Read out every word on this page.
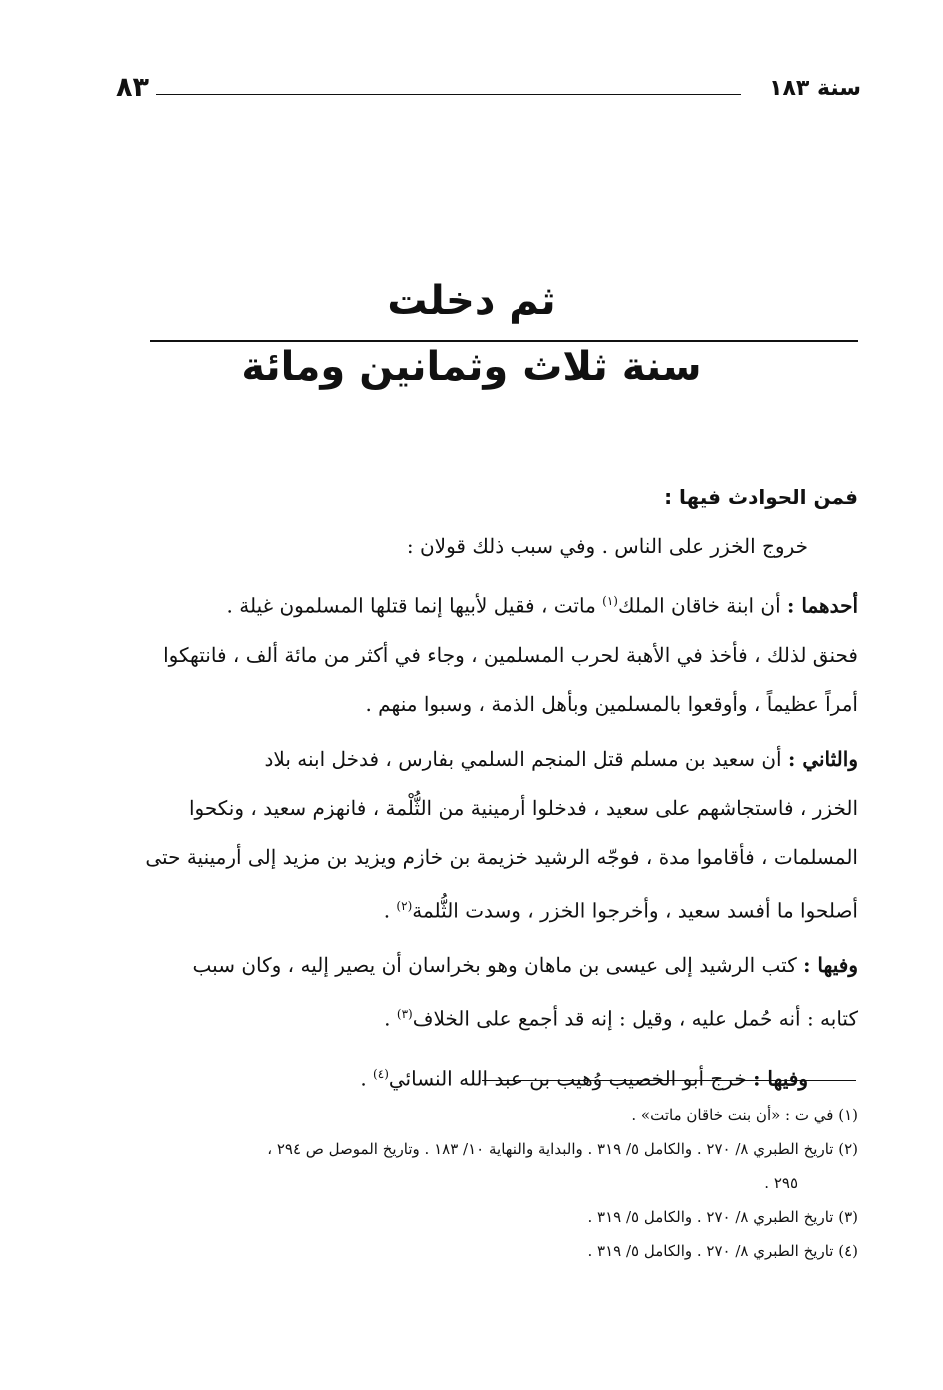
٨٣	سنة ١٨٣
ثم دخلت
سنة ثلاث وثمانين ومائة
فمن الحوادث فيها :

خروج الخزر على الناس . وفي سبب ذلك قولان :

أحدهما : أن ابنة خاقان الملك$^{(١)}$ ماتت ، فقيل لأبيها إنما قتلها المسلمون غيلة .

فحنق لذلك ، فأخذ في الأهبة لحرب المسلمين ، وجاء في أكثر من مائة ألف ، فانتهكوا

أمراً عظيماً ، وأوقعوا بالمسلمين وبأهل الذمة ، وسبوا منهم .

والثاني : أن سعيد بن مسلم قتل المنجم السلمي بفارس ، فدخل ابنه بلاد

الخزر ، فاستجاشهم على سعيد ، فدخلوا أرمينية من الثُّلْمة ، فانهزم سعيد ، ونكحوا

المسلمات ، فأقاموا مدة ، فوجّه الرشيد خزيمة بن خازم ويزيد بن مزيد إلى أرمينية حتى

أصلحوا ما أفسد سعيد ، وأخرجوا الخزر ، وسدت الثُّلمة$^{(٢)}$ .

وفيها : كتب الرشيد إلى عيسى بن ماهان وهو بخراسان أن يصير إليه ، وكان سبب

كتابه : أنه حُمل عليه ، وقيل : إنه قد أجمع على الخلاف$^{(٣)}$ .

وفيها : خرج أبو الخصيب وُهيب بن عبد الله النسائي$^{(٤)}$ .

(١) في ت : «أن بنت خاقان ماتت» .
(٢) تاريخ الطبري ٨/ ٢٧٠ . والكامل ٥/ ٣١٩ . والبداية والنهاية ١٠/ ١٨٣ . وتاريخ الموصل ص ٢٩٤ ،
٢٩٥ .
(٣) تاريخ الطبري ٨/ ٢٧٠ . والكامل ٥/ ٣١٩ .
(٤) تاريخ الطبري ٨/ ٢٧٠ . والكامل ٥/ ٣١٩ .
